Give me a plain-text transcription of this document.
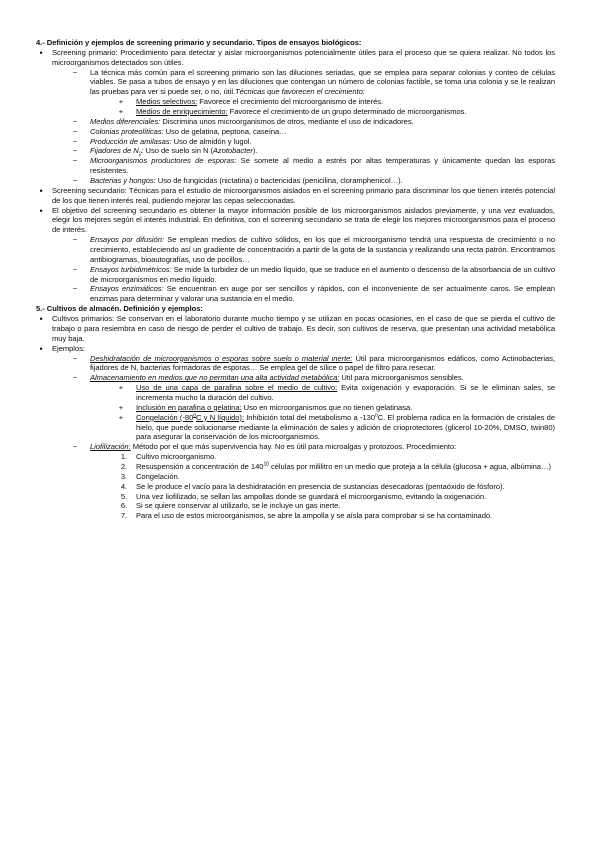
4.- Definición y ejemplos de screening primario y secundario. Tipos de ensayos biológicos:

•	Screening primario: Procedimiento para detectar y aislar microorganismos potencialmente útiles para el proceso que se quiera realizar. No todos los microorganismos detectados son útiles.
−	La técnica más común para el screening primario son las diluciones seriadas, que se emplea para separar colonias y conteo de células viables. Se pasa a tubos de ensayo y en las diluciones que contengan un número de colonias factible, se toma una colonia y se le realizan las pruebas para ver si puede ser, o no, útil.Técnicas que favorecen el crecimiento:
+	Medios selectivos: Favorece el crecimiento del microorganismo de interés.
+	Medios de enriquecimiento: Favorece el crecimiento de un grupo determinado de microorganismos.
−	Medios diferenciales: Discrimina unos microorganismos de otros, mediante el uso de indicadores.
−	Colonias proteolíticas: Uso de gelatina, peptona, caseína…
−	Producción de amilasas: Uso de almidón y lugol.
−	Fijadores de $N_2$: Uso de suelo sin N (Azotobacter).
−	Microorganismos productores de esporas: Se somete al medio a estrés por altas temperaturas y únicamente quedan las esporas resistentes.
−	Bacterias y hongos: Uso de fungicidas (nictatina) o bactericidas (penicilina, cloramphenicol…).
•	Screening secundario: Técnicas para el estudio de microorganismos aislados en el screening primario para discriminar los que tienen interés potencial de los que tienen interés real, pudiendo mejorar las cepas seleccionadas.
•	El objetivo del screening secundario es obtener la mayor información posible de los microorganismos aislados previamente, y una vez evaluados, elegir los mejores según el interés industrial. En definitiva, con el screening secundario se trata de elegir los mejores microorganismos para el proceso de interés.
−	Ensayos por difusión: Se emplean medios de cultivo sólidos, en los que el microorganismo tendrá una respuesta de crecimiento o no crecimiento, estableciendo así un gradiente de concentración a partir de la gota de la sustancia y realizando una recta patrón. Encontramos antibiogramas, bioautografías, uso de pocillos…
−	Ensayos turbidimétricos: Se mide la turbidez de un medio líquido, que se traduce en el aumento o descenso de la absorbancia de un cultivo de microorganismos en medio líquido.
−	Ensayos enzimáticos: Se encuentran en auge por ser sencillos y rápidos, con el inconveniente de ser actualmente caros. Se emplean enzimas para determinar y valorar una sustancia en el medio.

5.- Cultivos de almacén. Definición y ejemplos:

•	Cultivos primarios: Se conservan en el laboratorio durante mucho tiempo y se utilizan en pocas ocasiones, en el caso de que se pierda el cultivo de trabajo o para resiembra en caso de riesgo de perder el cultivo de trabajo. Es decir, son cultivos de reserva, que presentan una actividad metabólica muy baja.
•	Ejemplos:
−	Deshidratación de microorganismos o esporas sobre suelo o material inerte: Útil para microorganismos edáficos, como Actinobacterias, fijadores de N, bacterias formadoras de esporas… Se emplea gel de sílice o papel de filtro para resecar.
−	Almacenamiento en medios que no permitan una alta actividad metabólica: Útil para microorganismos sensibles.
+	Uso de una capa de parafina sobre el medio de cultivo: Evita oxigenación y evaporación. Si se le eliminan sales, se incrementa mucho la duración del cultivo.
+	Inclusión en parafina o gelatina: Uso en microorganismos que no tienen gelatinasa.
+	Congelación (-80$^o$C y N líquido): Inhibición total del metabolismo a -130$^o$C. El problema radica en la formación de cristales de hielo, que puede solucionarse mediante la eliminación de sales y adición de crioprotectores (glicerol 10-20%, DMSO, twin80) para asegurar la conservación de los microorganismos.
−	Liofilización: Método por el que más supervivencia hay. No es útil para microalgas y protozoos. Procedimiento:
1.	Cultivo microorganismo.
2.	Resuspensión a concentración de $140^{10}$ células por mililitro en un medio que proteja a la célula (glucosa + agua, albúmina…)
3.	Congelación.
4.	Se le produce el vacío para la deshidratación en presencia de sustancias desecadoras (pentaóxido de fósforo).
5.	Una vez liofilizado, se sellan las ampollas donde se guardará el microorganismo, evitando la oxigenación.
6.	Si se quiere conservar al utilizarlo, se le incluye un gas inerte.
7.	Para el uso de estos microorganismos, se abre la ampolla y se aísla para comprobar si se ha contaminado.
